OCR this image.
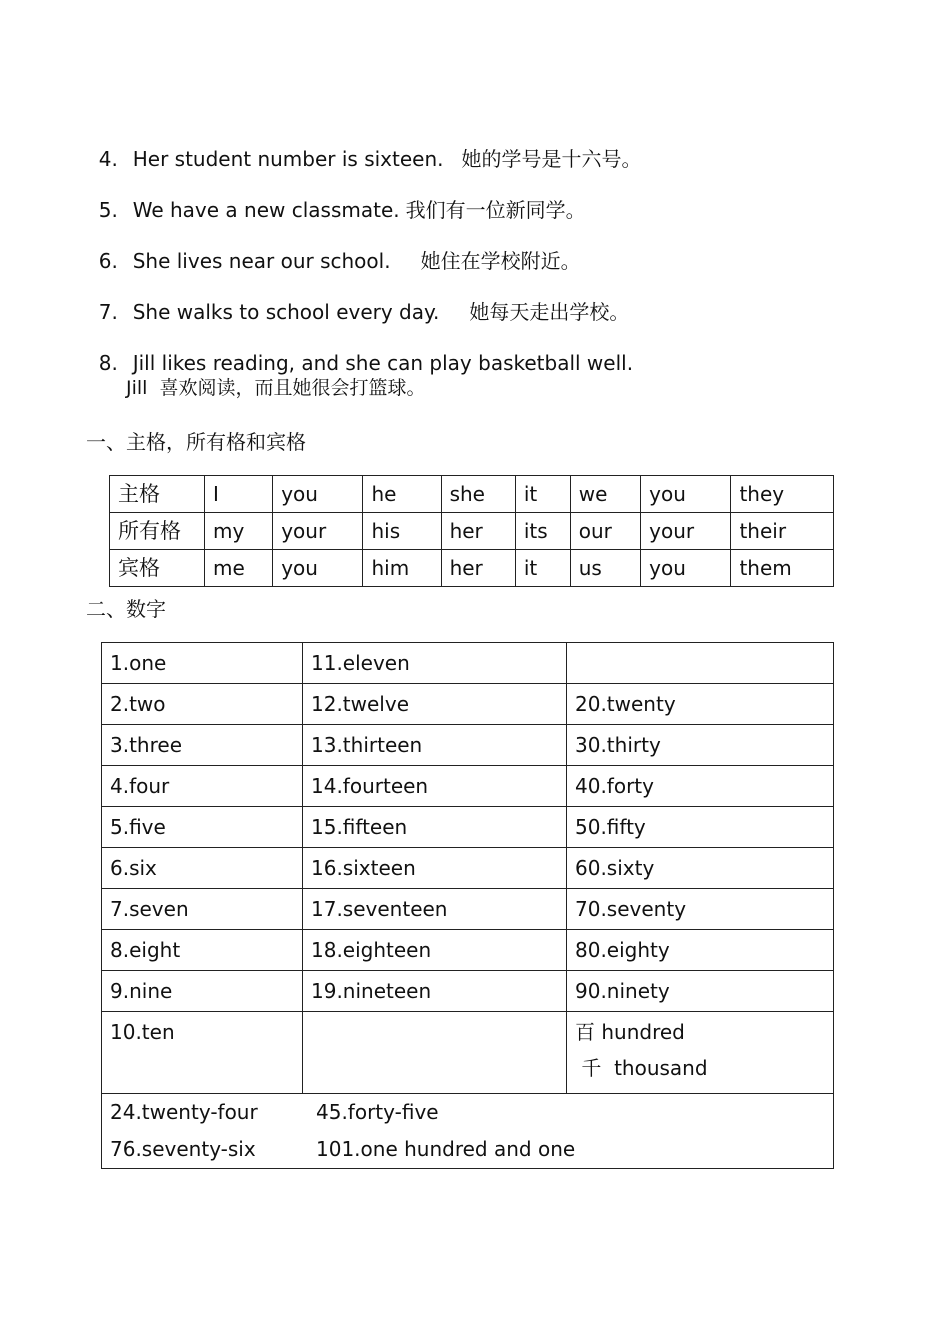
4. Her student number is sixteen. 她的学号是十六号。

5. We have a new classmate. 我们有一位新同学。

6. She lives near our school. 她住在学校附近。

7. She walks to school every day. 她每天走出学校。

8. Jill likes reading, and she can play basketball well.

Jill  喜欢阅读，而且她很会打篮球。
一、主格，所有格和宾格
主格	I	you	he	she	it	we	you	they
所有格	my	your	his	her	its	our	your	their
宾格	me	you	him	her	it	us	you	them
二、数字
1.one	11.eleven	
2.two	12.twelve	20.twenty
3.three	13.thirteen	30.thirty
4.four	14.fourteen	40.forty
5.five	15.fifteen	50.fifty
6.six	16.sixteen	60.sixty
7.seven	17.seventeen	70.seventy
8.eight	18.eighteen	80.eighty
9.nine	19.nineteen	90.ninety
10.ten		百 hundred
千  thousand

24.twenty-four 45.forty-five
76.seventy-six 101.one hundred and one		
